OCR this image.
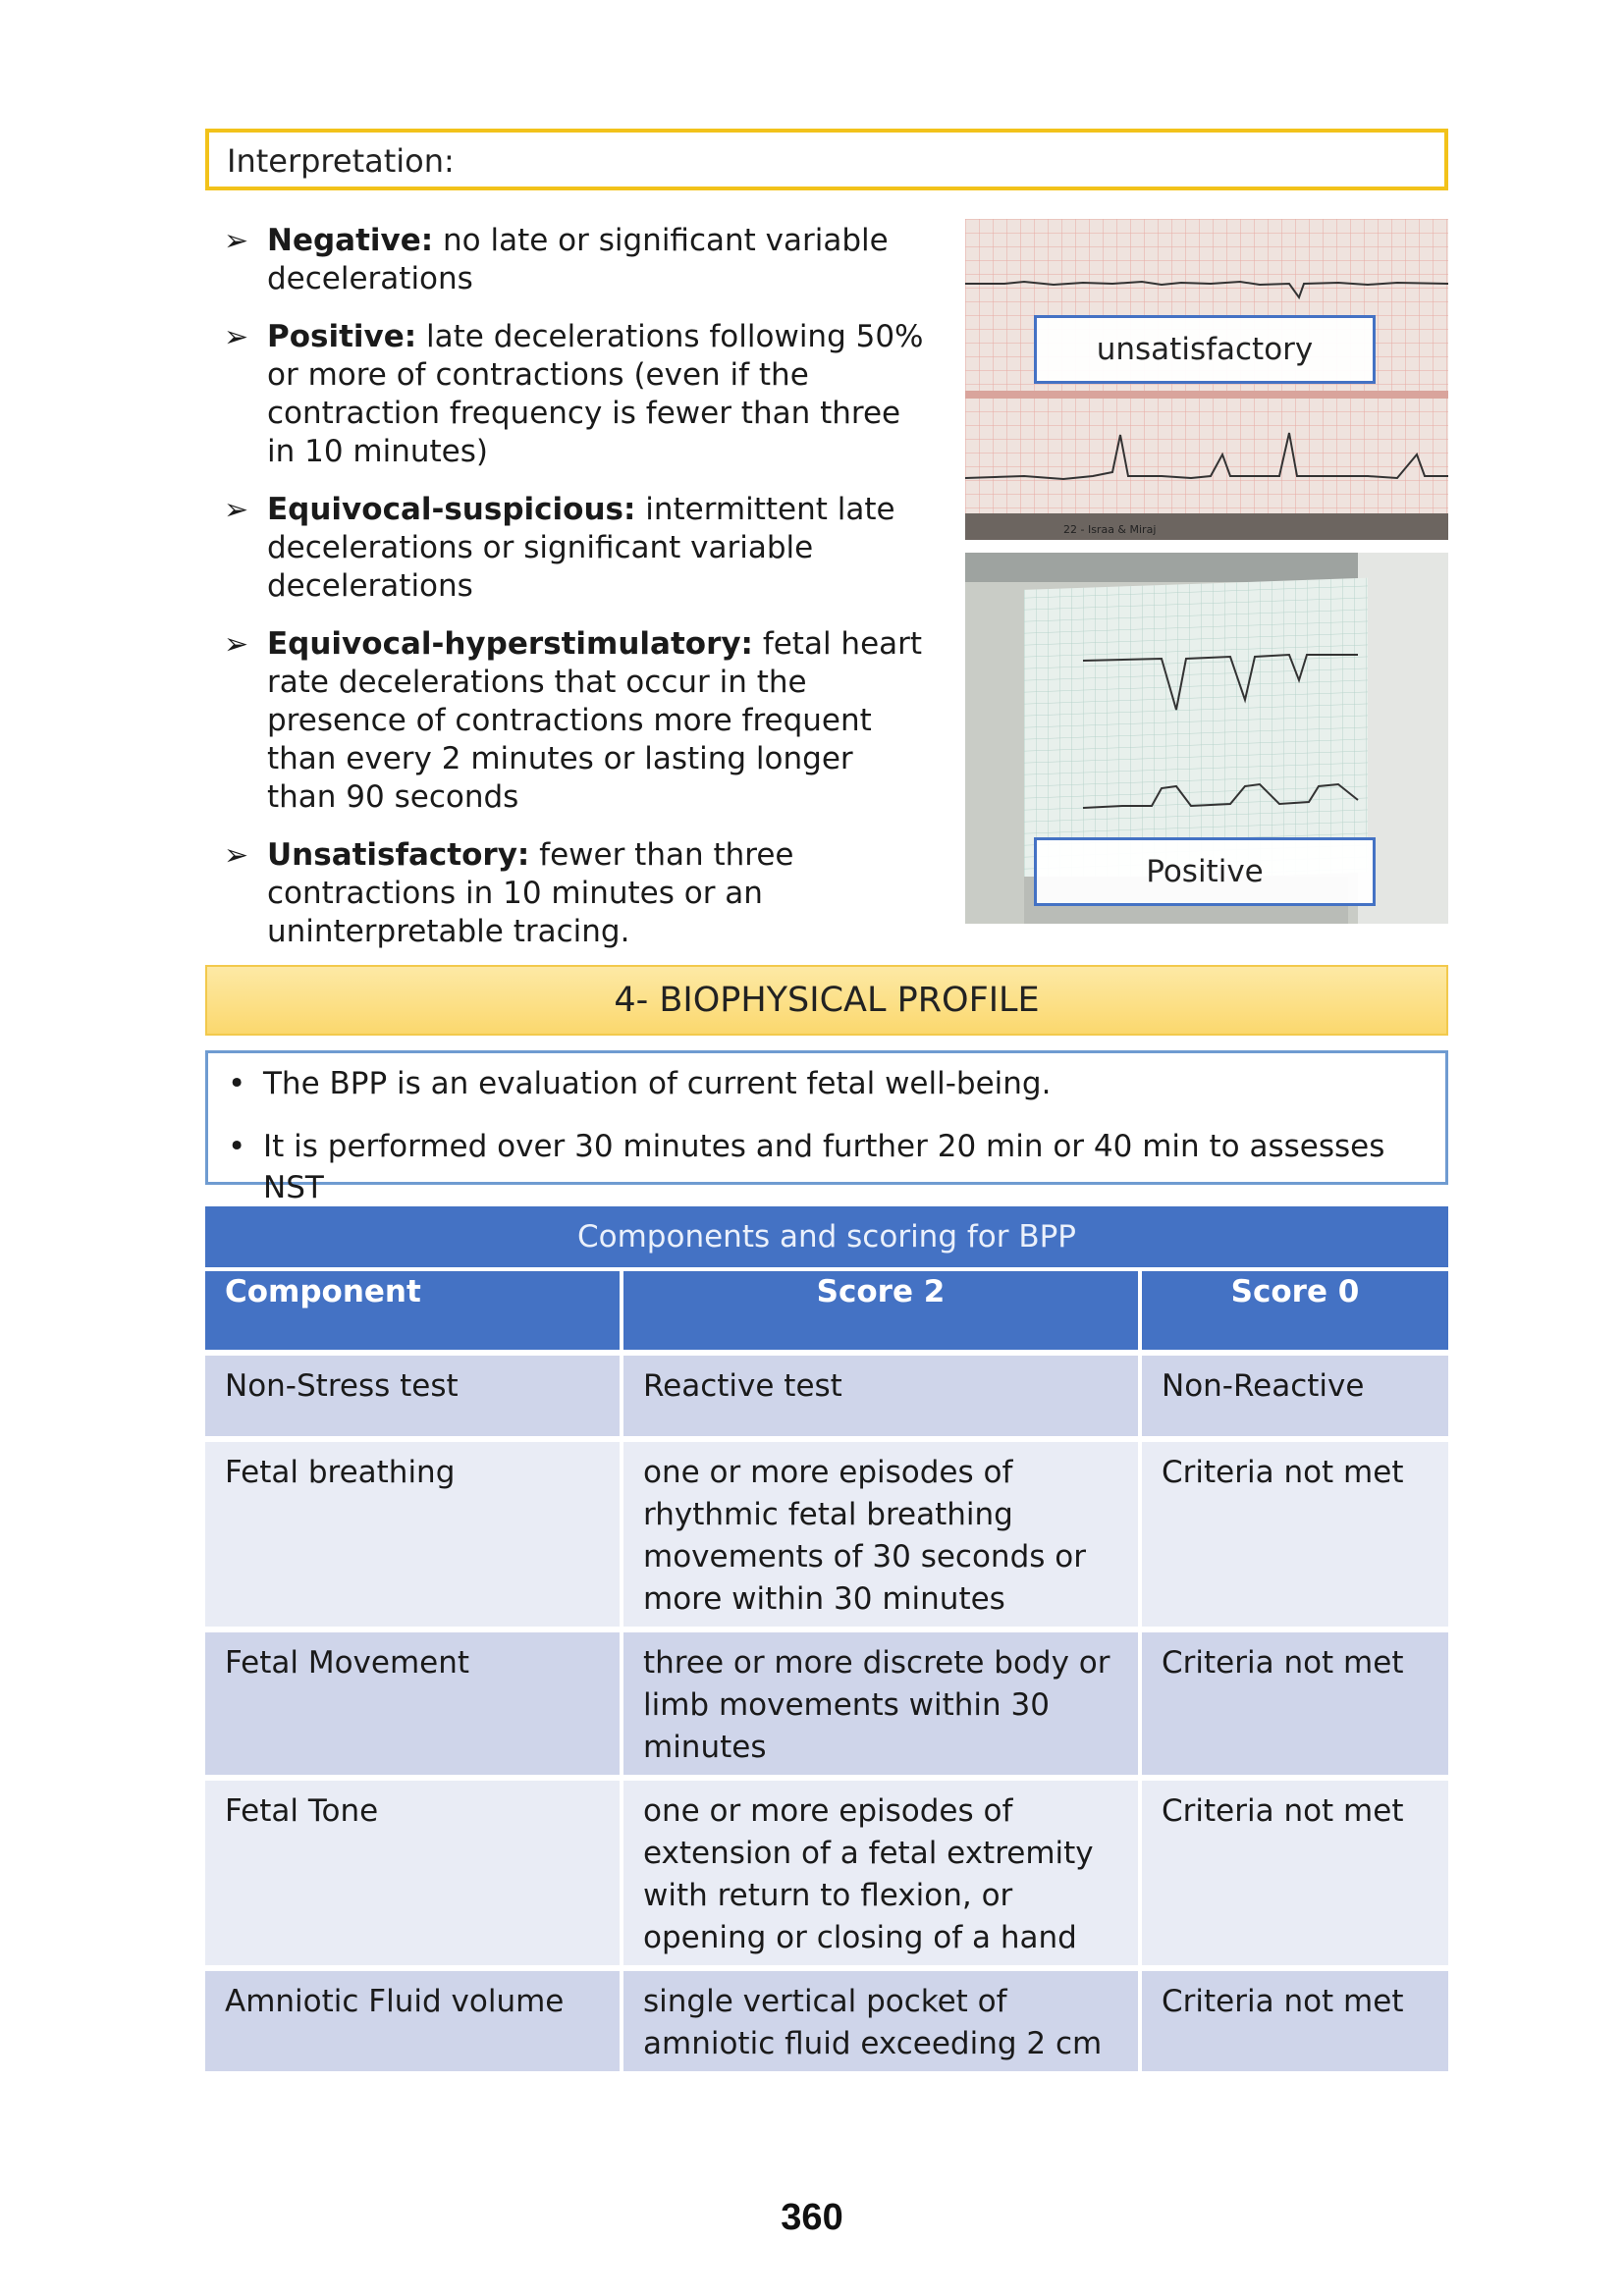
Interpretation:
➢ Negative: no late or significant variable decelerations
➢ Positive: late decelerations following 50% or more of contractions (even if the contraction frequency is fewer than three in 10 minutes)
➢ Equivocal-suspicious: intermittent late decelerations or significant variable decelerations
➢ Equivocal-hyperstimulatory: fetal heart rate decelerations that occur in the presence of contractions more frequent than every 2 minutes or lasting longer than 90 seconds
➢ Unsatisfactory: fewer than three contractions in 10 minutes or an uninterpretable tracing.
22 - Israa & Miraj
unsatisfactory
Positive
4- BIOPHYSICAL PROFILE
• The BPP is an evaluation of current fetal well-being.
• It is performed over 30 minutes and further 20 min or 40 min to assesses NST
Components and scoring for BPP		
Component	Score 2	Score 0
Non-Stress test	Reactive test	Non-Reactive
Fetal breathing	one or more episodes of rhythmic fetal breathing movements of 30 seconds or more within 30 minutes	Criteria not met
Fetal Movement	three or more discrete body or limb movements within 30 minutes	Criteria not met
Fetal Tone	one or more episodes of extension of a fetal extremity with return to flexion, or opening or closing of a hand	Criteria not met
Amniotic Fluid volume	single vertical pocket of amniotic fluid exceeding 2 cm	Criteria not met
360
